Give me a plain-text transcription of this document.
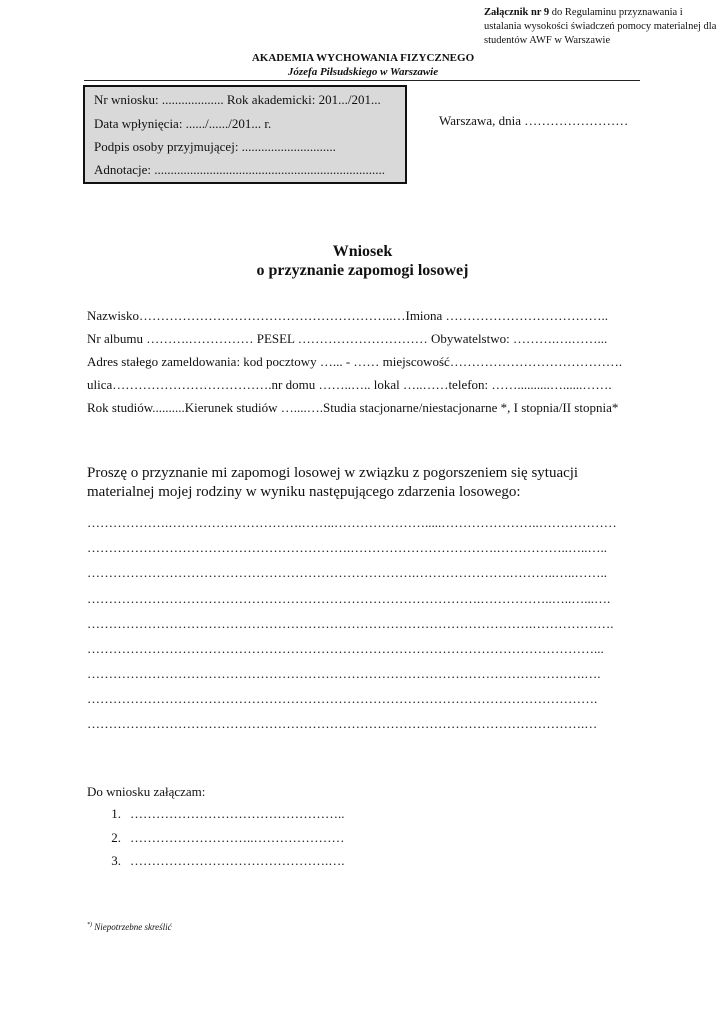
Załącznik nr 9 do Regulaminu przyznawania i ustalania wysokości świadczeń pomocy materialnej dla studentów AWF w Warszawie
AKADEMIA WYCHOWANIA FIZYCZNEGO
Józefa Piłsudskiego w Warszawie
Nr wniosku: ................... Rok akademicki: 201.../201...
Data wpłynięcia: ....../....../201... r.
Podpis osoby przyjmującej: .............................
Adnotacje: .......................................................................
Warszawa, dnia ……………………
Wniosek
o przyznanie zapomogi losowej
Nazwisko…………………………………………………..…Imiona ………………………………..
Nr albumu ……….…………… PESEL ………………………… Obywatelstwo: ……….….……...
Adres stałego zameldowania: kod pocztowy …... - …… miejscowość………………………………….
ulica……………………………….nr domu ……..….. lokal …..……telefon: ……..........…......…….
Rok studiów..........Kierunek studiów …....….Studia stacjonarne/niestacjonarne *, I stopnia/II stopnia*
Proszę o przyznanie mi zapomogi losowej w związku z pogorszeniem się sytuacji materialnej mojej rodziny w wyniku następującego zdarzenia losowego:
……………….………………………….……..………………….....…………………..………………
…………………………………………………….…………………………….……………..…..…..
………………………………………………………………….………………….………..…..……..
……………………………………………………………………………….……………..…..…...….
………………………………………………………………………………………….……………….
………………………………………………………………………………………………………...
…………………………………………………………………………………………………….….
……………………………………………………………………………………………………….
…………………………………………………………………………………………………….…
Do wniosku załączam:
1. …………………………………………..
2. ………………………..…………………
3. ……………………………………….….
*) Niepotrzebne skreślić
